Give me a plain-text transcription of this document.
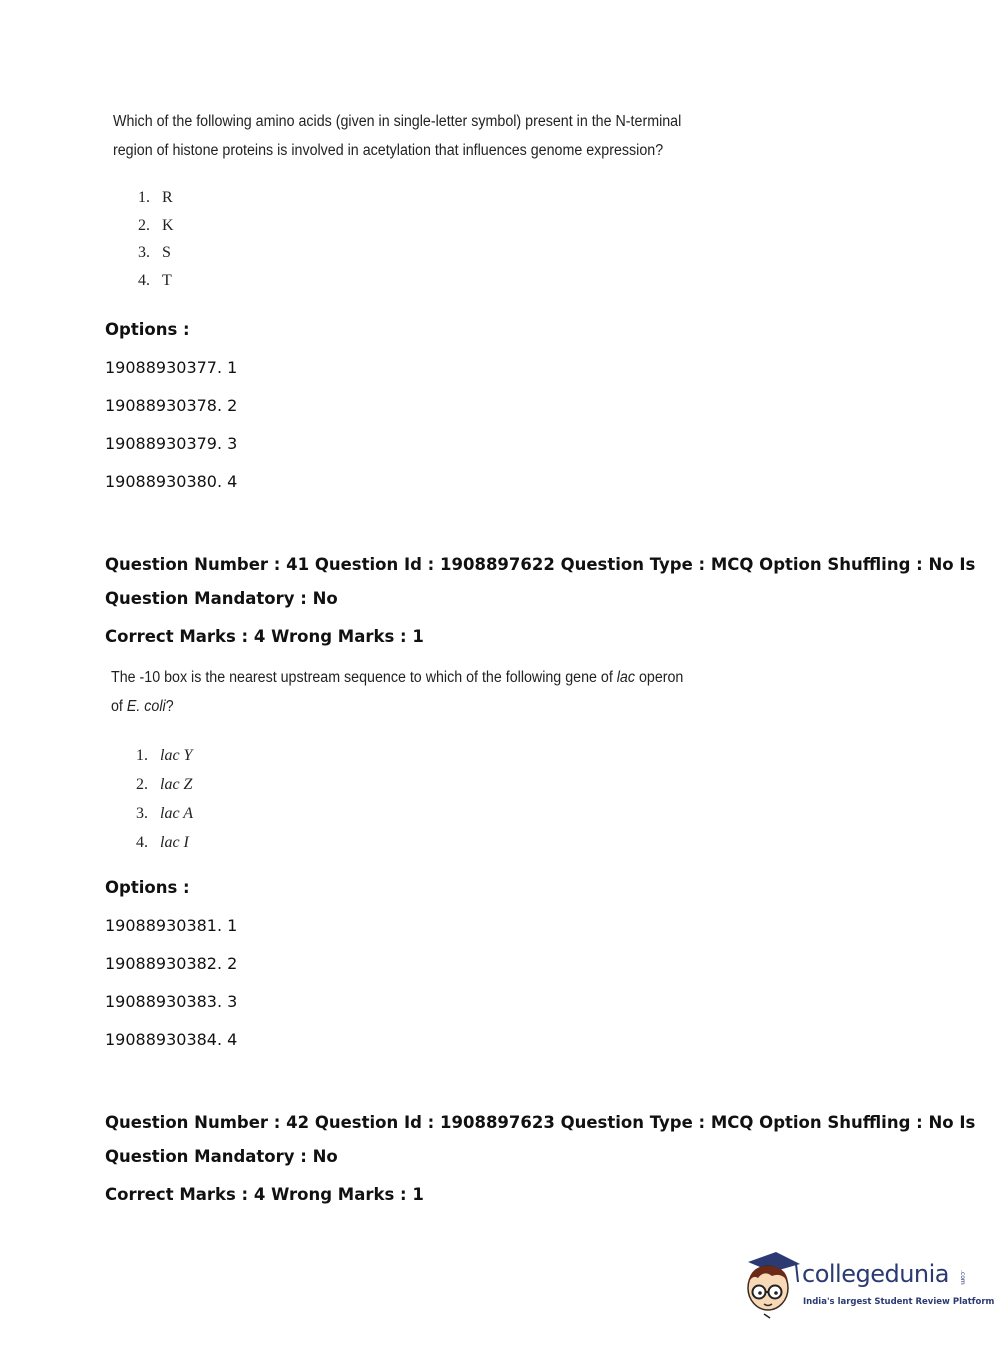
Which of the following amino acids (given in single-letter symbol) present in the N-terminal
region of histone proteins is involved in acetylation that influences genome expression?
1. R
2. K
3. S
4. T
Options :
19088930377. 1
19088930378. 2
19088930379. 3
19088930380. 4
Question Number : 41 Question Id : 1908897622 Question Type : MCQ Option Shuffling : No Is
Question Mandatory : No
Correct Marks : 4 Wrong Marks : 1
The -10 box is the nearest upstream sequence to which of the following gene of lac operon
of E. coli?
1. lac Y
2. lac Z
3. lac A
4. lac I
Options :
19088930381. 1
19088930382. 2
19088930383. 3
19088930384. 4
Question Number : 42 Question Id : 1908897623 Question Type : MCQ Option Shuffling : No Is
Question Mandatory : No
Correct Marks : 4 Wrong Marks : 1
collegedunia .com
India's largest Student Review Platform
